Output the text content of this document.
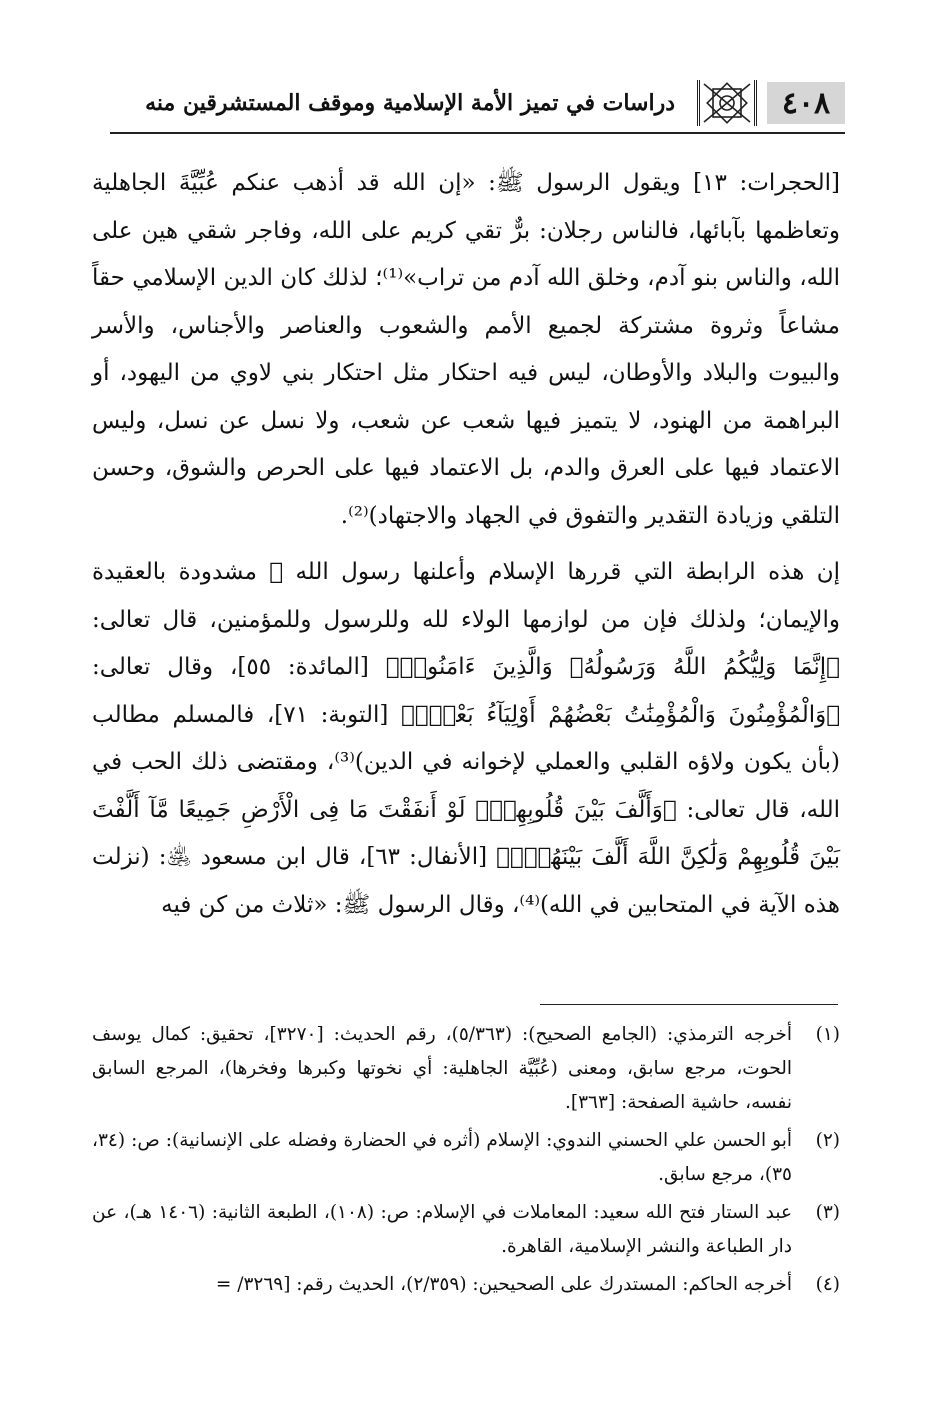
٤٠٨
دراسات في تميز الأمة الإسلامية وموقف المستشرقين منه

[الحجرات: ١٣] ويقول الرسول ﷺ: «إن الله قد أذهب عنكم عُبِّيَّةَ الجاهلية وتعاظمها بآبائها، فالناس رجلان: برٌّ تقي كريم على الله، وفاجر شقي هين على الله، والناس بنو آدم، وخلق الله آدم من تراب»⁽¹⁾؛ لذلك كان الدين الإسلامي حقاً مشاعاً وثروة مشتركة لجميع الأمم والشعوب والعناصر والأجناس، والأسر والبيوت والبلاد والأوطان، ليس فيه احتكار مثل احتكار بني لاوي من اليهود، أو البراهمة من الهنود، لا يتميز فيها شعب عن شعب، ولا نسل عن نسل، وليس الاعتماد فيها على العرق والدم، بل الاعتماد فيها على الحرص والشوق، وحسن التلقي وزيادة التقدير والتفوق في الجهاد والاجتهاد)⁽²⁾.

إن هذه الرابطة التي قررها الإسلام وأعلنها رسول الله ﷺ مشدودة بالعقيدة والإيمان؛ ولذلك فإن من لوازمها الولاء لله وللرسول وللمؤمنين، قال تعالى: ﴿إِنَّمَا وَلِيُّكُمُ اللَّهُ وَرَسُولُهُۥ وَالَّذِينَ ءَامَنُوا۟﴾ [المائدة: ٥٥]، وقال تعالى: ﴿وَالْمُؤْمِنُونَ وَالْمُؤْمِنَٰتُ بَعْضُهُمْ أَوْلِيَآءُ بَعْضٍۚ﴾ [التوبة: ٧١]، فالمسلم مطالب (بأن يكون ولاؤه القلبي والعملي لإخوانه في الدين)⁽³⁾، ومقتضى ذلك الحب في الله، قال تعالى: ﴿وَأَلَّفَ بَيْنَ قُلُوبِهِمْۚ لَوْ أَنفَقْتَ مَا فِى الْأَرْضِ جَمِيعًا مَّآ أَلَّفْتَ بَيْنَ قُلُوبِهِمْ وَلَٰكِنَّ اللَّهَ أَلَّفَ بَيْنَهُمْۚ﴾ [الأنفال: ٦٣]، قال ابن مسعود ﵁: (نزلت هذه الآية في المتحابين في الله)⁽⁴⁾، وقال الرسول ﷺ: «ثلاث من كن فيه

(١)
أخرجه الترمذي: (الجامع الصحيح): (٥/٣٦٣)، رقم الحديث: [٣٢٧٠]، تحقيق: كمال يوسف الحوت، مرجع سابق، ومعنى (عُبِّيَّة الجاهلية: أي نخوتها وكبرها وفخرها)، المرجع السابق نفسه، حاشية الصفحة: [٣٦٣].
(٢)
أبو الحسن علي الحسني الندوي: الإسلام (أثره في الحضارة وفضله على الإنسانية): ص: (٣٤، ٣٥)، مرجع سابق.
(٣)
عبد الستار فتح الله سعيد: المعاملات في الإسلام: ص: (١٠٨)، الطبعة الثانية: (١٤٠٦ هـ)، عن دار الطباعة والنشر الإسلامية، القاهرة.
(٤)
أخرجه الحاكم: المستدرك على الصحيحين: (٢/٣٥٩)، الحديث رقم: [٣٢٦٩/ =
